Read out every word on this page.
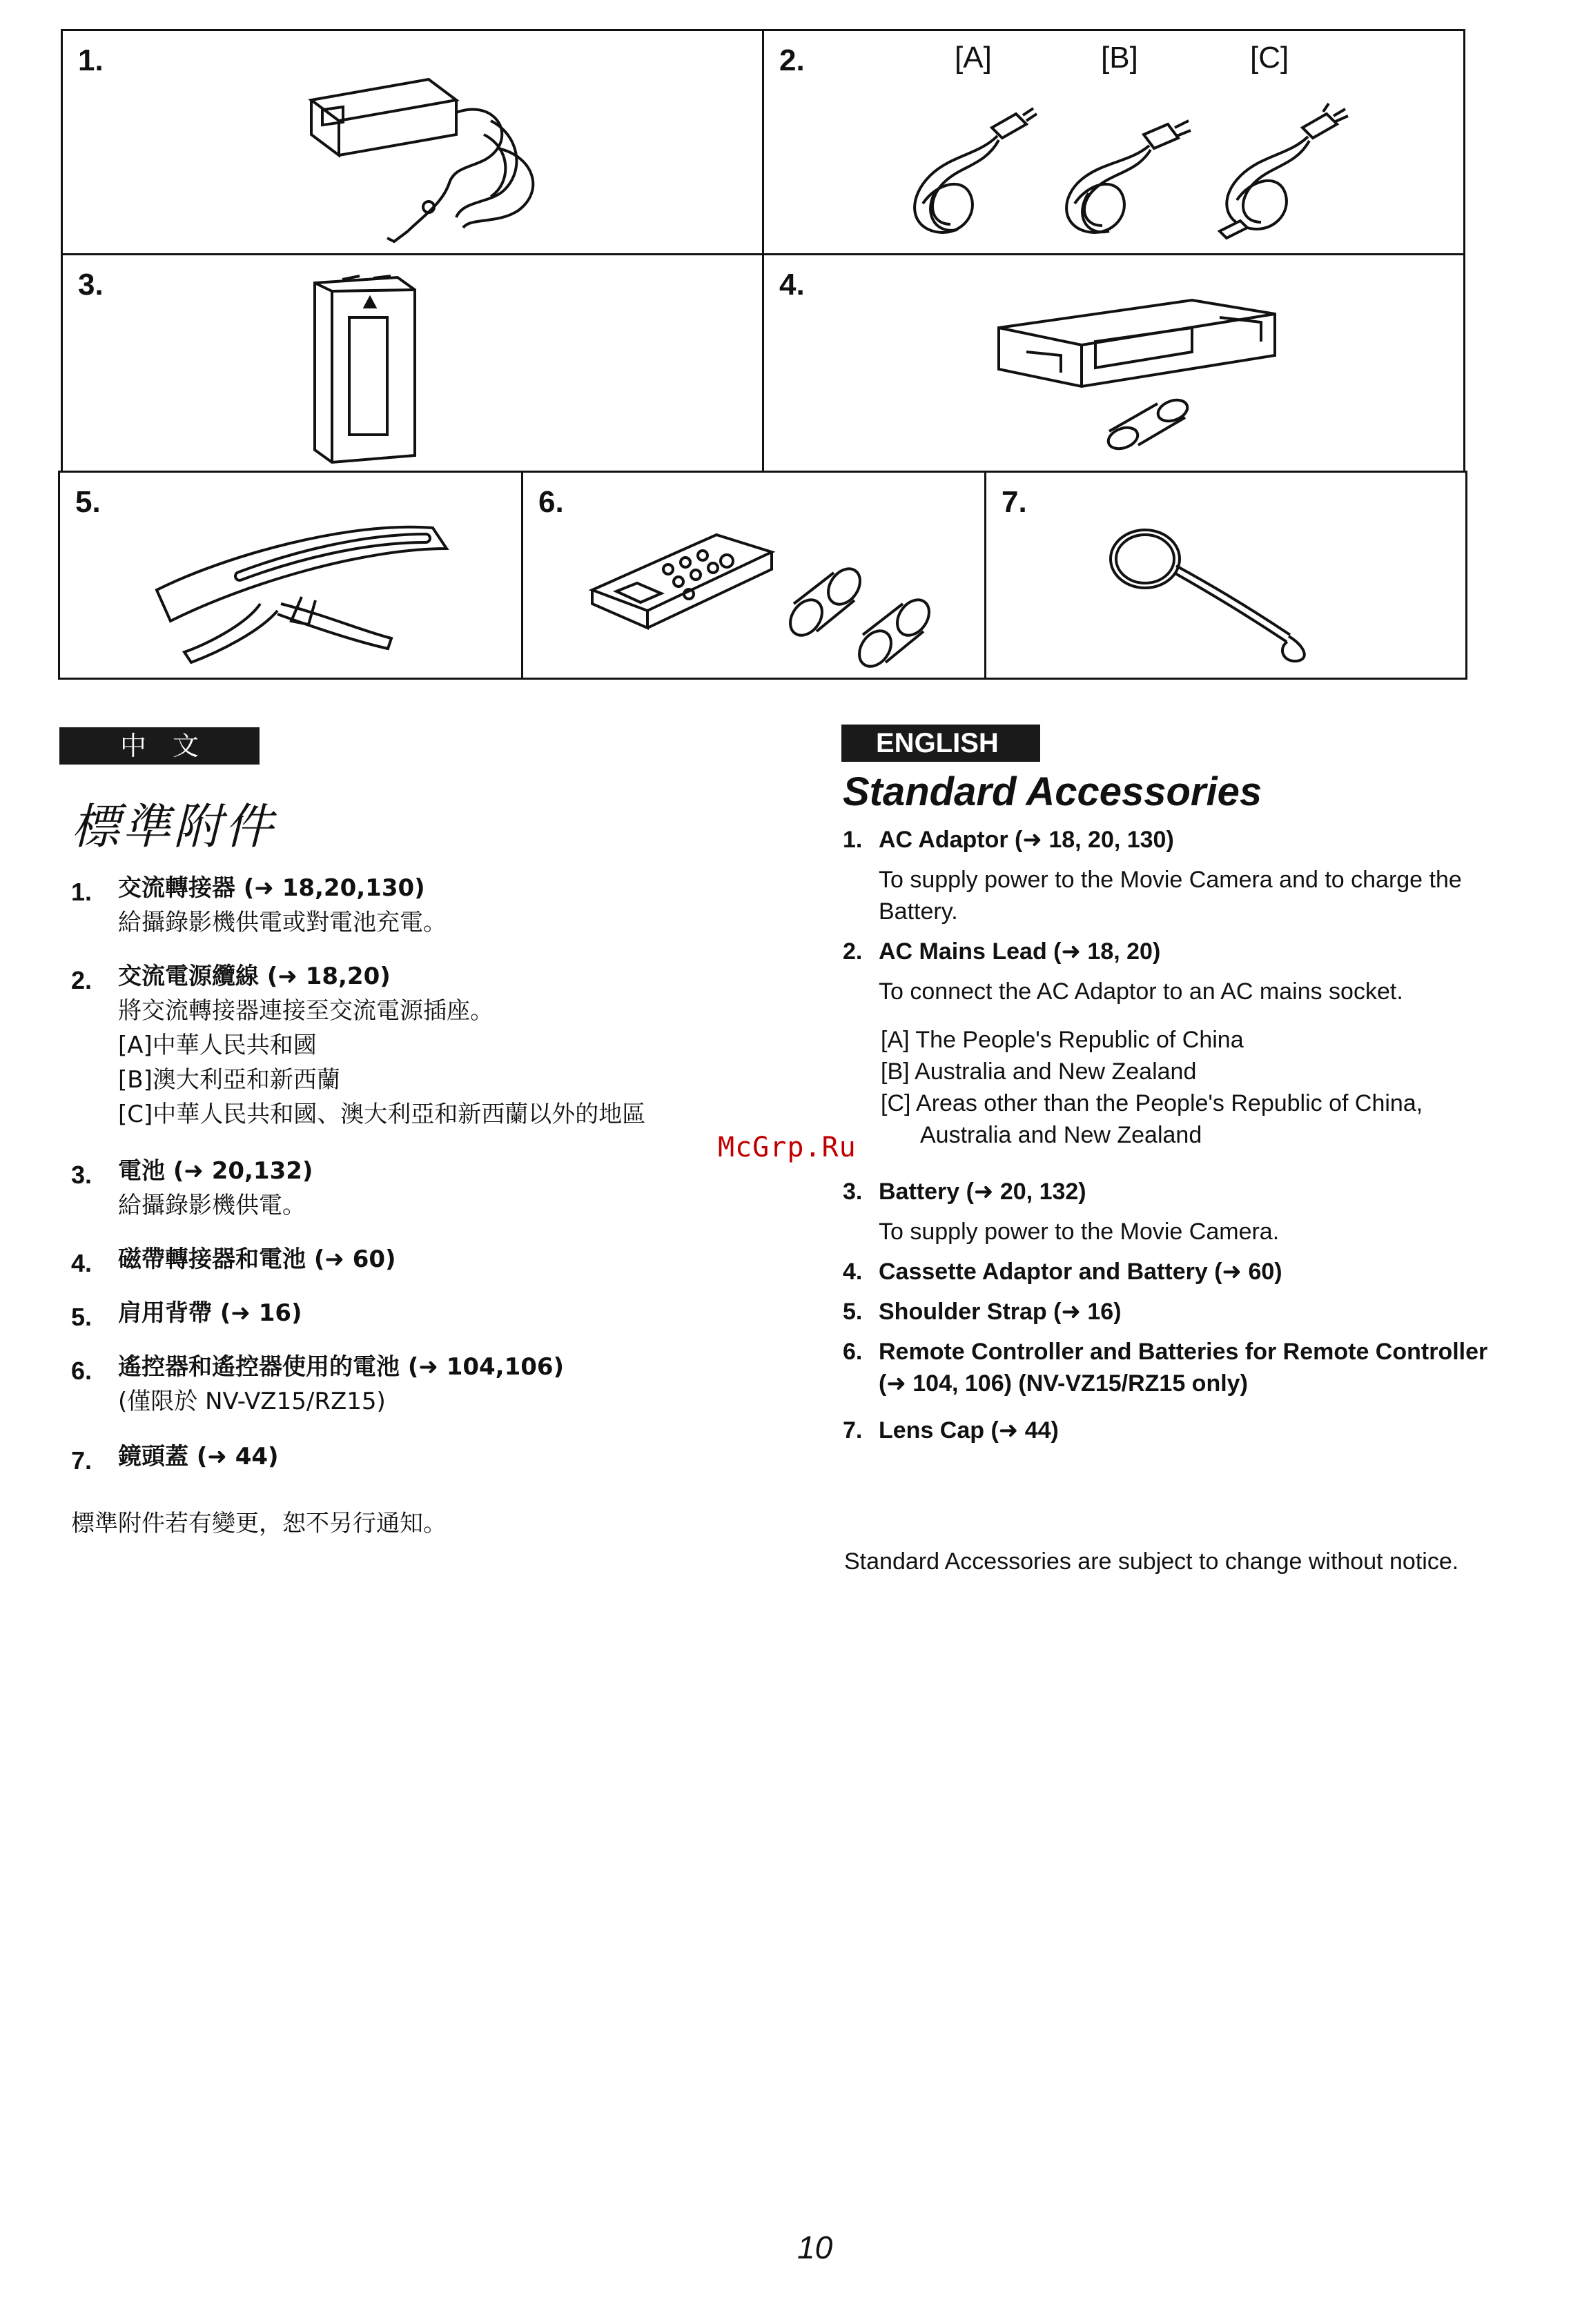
1.	2.	[A]	[B]	[C]
3.	4.
5.	6.	7.
中　文
標準附件
1. 交流轉接器 (➜ 18,20,130)
給攝錄影機供電或對電池充電。
2. 交流電源纜線 (➜ 18,20)
將交流轉接器連接至交流電源插座。
[A]中華人民共和國
[B]澳大利亞和新西蘭
[C]中華人民共和國、澳大利亞和新西蘭以外的地區
3. 電池 (➜ 20,132)
給攝錄影機供電。
4. 磁帶轉接器和電池 (➜ 60)
5. 肩用背帶 (➜ 16)
6. 遙控器和遙控器使用的電池 (➜ 104,106)
(僅限於 NV-VZ15/RZ15)
7. 鏡頭蓋 (➜ 44)
標準附件若有變更，恕不另行通知。
ENGLISH
Standard Accessories
1. AC Adaptor (➜ 18, 20, 130)
To supply power to the Movie Camera and to charge the
Battery.
2. AC Mains Lead (➜ 18, 20)
To connect the AC Adaptor to an AC mains socket.
[A] The People's Republic of China
[B] Australia and New Zealand
[C] Areas other than the People's Republic of China,
Australia and New Zealand
3. Battery (➜ 20, 132)
To supply power to the Movie Camera.
4. Cassette Adaptor and Battery (➜ 60)
5. Shoulder Strap (➜ 16)
6. Remote Controller and Batteries for Remote Controller
(➜ 104, 106) (NV-VZ15/RZ15 only)
7. Lens Cap (➜ 44)
Standard Accessories are subject to change without notice.
McGrp.Ru
10
